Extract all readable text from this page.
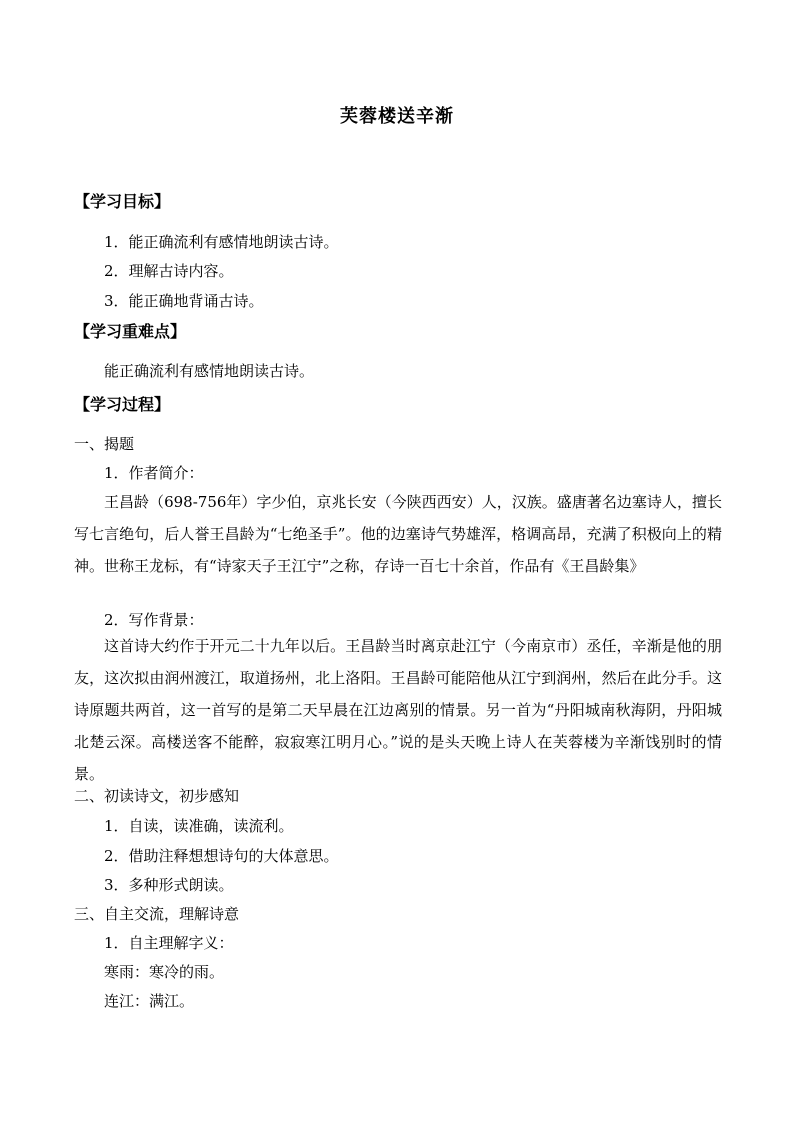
芙蓉楼送辛渐
【学习目标】
1．能正确流利有感情地朗读古诗。
2．理解古诗内容。
3．能正确地背诵古诗。
【学习重难点】
能正确流利有感情地朗读古诗。
【学习过程】
一、揭题
1．作者简介：
王昌龄（698-756年）字少伯，京兆长安（今陕西西安）人，汉族。盛唐著名边塞诗人，擅长写七言绝句，后人誉王昌龄为“七绝圣手”。他的边塞诗气势雄浑，格调高昂，充满了积极向上的精神。世称王龙标，有“诗家天子王江宁”之称，存诗一百七十余首，作品有《王昌龄集》
2．写作背景：
这首诗大约作于开元二十九年以后。王昌龄当时离京赴江宁（今南京市）丞任，辛渐是他的朋友，这次拟由润州渡江，取道扬州，北上洛阳。王昌龄可能陪他从江宁到润州，然后在此分手。这诗原题共两首，这一首写的是第二天早晨在江边离别的情景。另一首为“丹阳城南秋海阴，丹阳城北楚云深。高楼送客不能醉，寂寂寒江明月心。”说的是头天晚上诗人在芙蓉楼为辛渐饯别时的情景。
二、初读诗文，初步感知
1．自读，读准确，读流利。
2．借助注释想想诗句的大体意思。
3．多种形式朗读。
三、自主交流，理解诗意
1．自主理解字义：
寒雨：寒冷的雨。
连江：满江。
